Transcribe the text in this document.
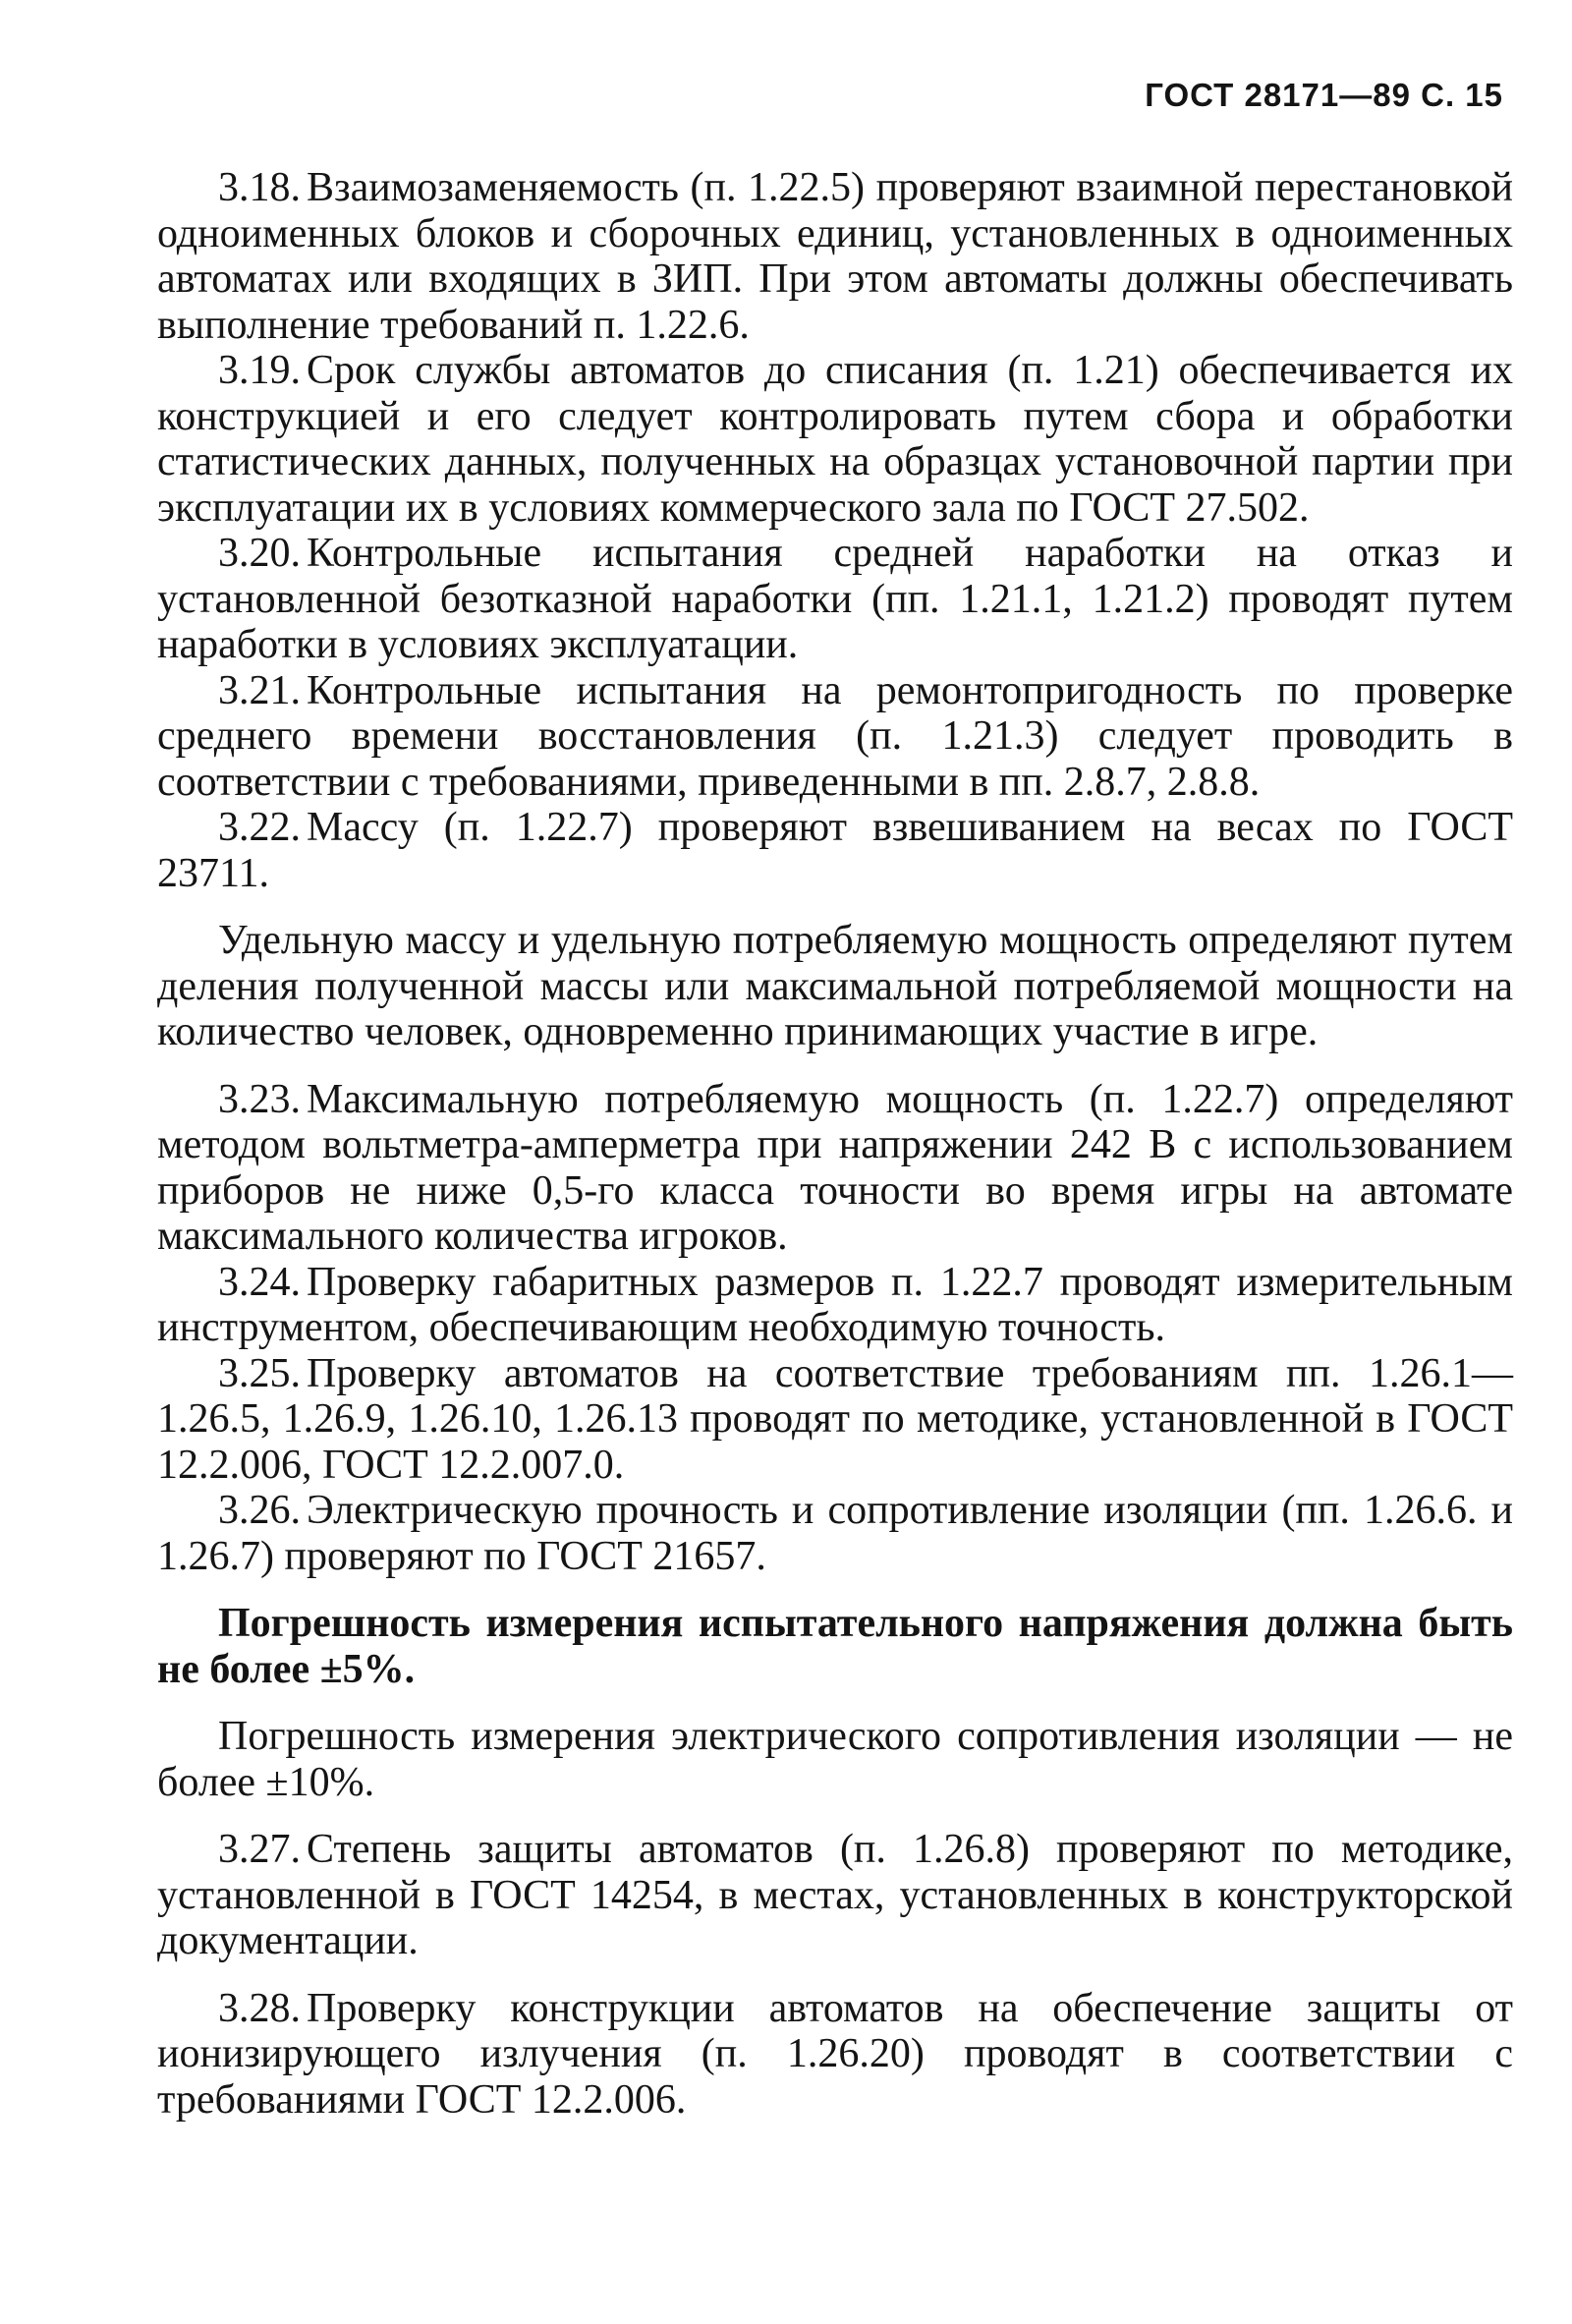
ГОСТ 28171—89 С. 15

3.18. Взаимозаменяемость (п. 1.22.5) проверяют взаимной перестановкой одноименных блоков и сборочных единиц, установленных в одноименных автоматах или входящих в ЗИП. При этом автоматы должны обеспечивать выполнение требований п. 1.22.6.

3.19. Срок службы автоматов до списания (п. 1.21) обеспечивается их конструкцией и его следует контролировать путем сбора и обработки статистических данных, полученных на образцах установочной партии при эксплуатации их в условиях коммерческого зала по ГОСТ 27.502.

3.20. Контрольные испытания средней наработки на отказ и установленной безотказной наработки (пп. 1.21.1, 1.21.2) проводят путем наработки в условиях эксплуатации.

3.21. Контрольные испытания на ремонтопригодность по проверке среднего времени восстановления (п. 1.21.3) следует проводить в соответствии с требованиями, приведенными в пп. 2.8.7, 2.8.8.

3.22. Массу (п. 1.22.7) проверяют взвешиванием на весах по ГОСТ 23711.

Удельную массу и удельную потребляемую мощность определяют путем деления полученной массы или максимальной потребляемой мощности на количество человек, одновременно принимающих участие в игре.

3.23. Максимальную потребляемую мощность (п. 1.22.7) определяют методом вольтметра-амперметра при напряжении 242 В с использованием приборов не ниже 0,5-го класса точности во время игры на автомате максимального количества игроков.

3.24. Проверку габаритных размеров п. 1.22.7 проводят измерительным инструментом, обеспечивающим необходимую точность.

3.25. Проверку автоматов на соответствие требованиям пп. 1.26.1—1.26.5, 1.26.9, 1.26.10, 1.26.13 проводят по методике, установленной в ГОСТ 12.2.006, ГОСТ 12.2.007.0.

3.26. Электрическую прочность и сопротивление изоляции (пп. 1.26.6. и 1.26.7) проверяют по ГОСТ 21657.

Погрешность измерения испытательного напряжения должна быть не более ±5%.

Погрешность измерения электрического сопротивления изоляции — не более ±10%.

3.27. Степень защиты автоматов (п. 1.26.8) проверяют по методике, установленной в ГОСТ 14254, в местах, установленных в конструкторской документации.

3.28. Проверку конструкции автоматов на обеспечение защиты от ионизирующего излучения (п. 1.26.20) проводят в соответствии с требованиями ГОСТ 12.2.006.
